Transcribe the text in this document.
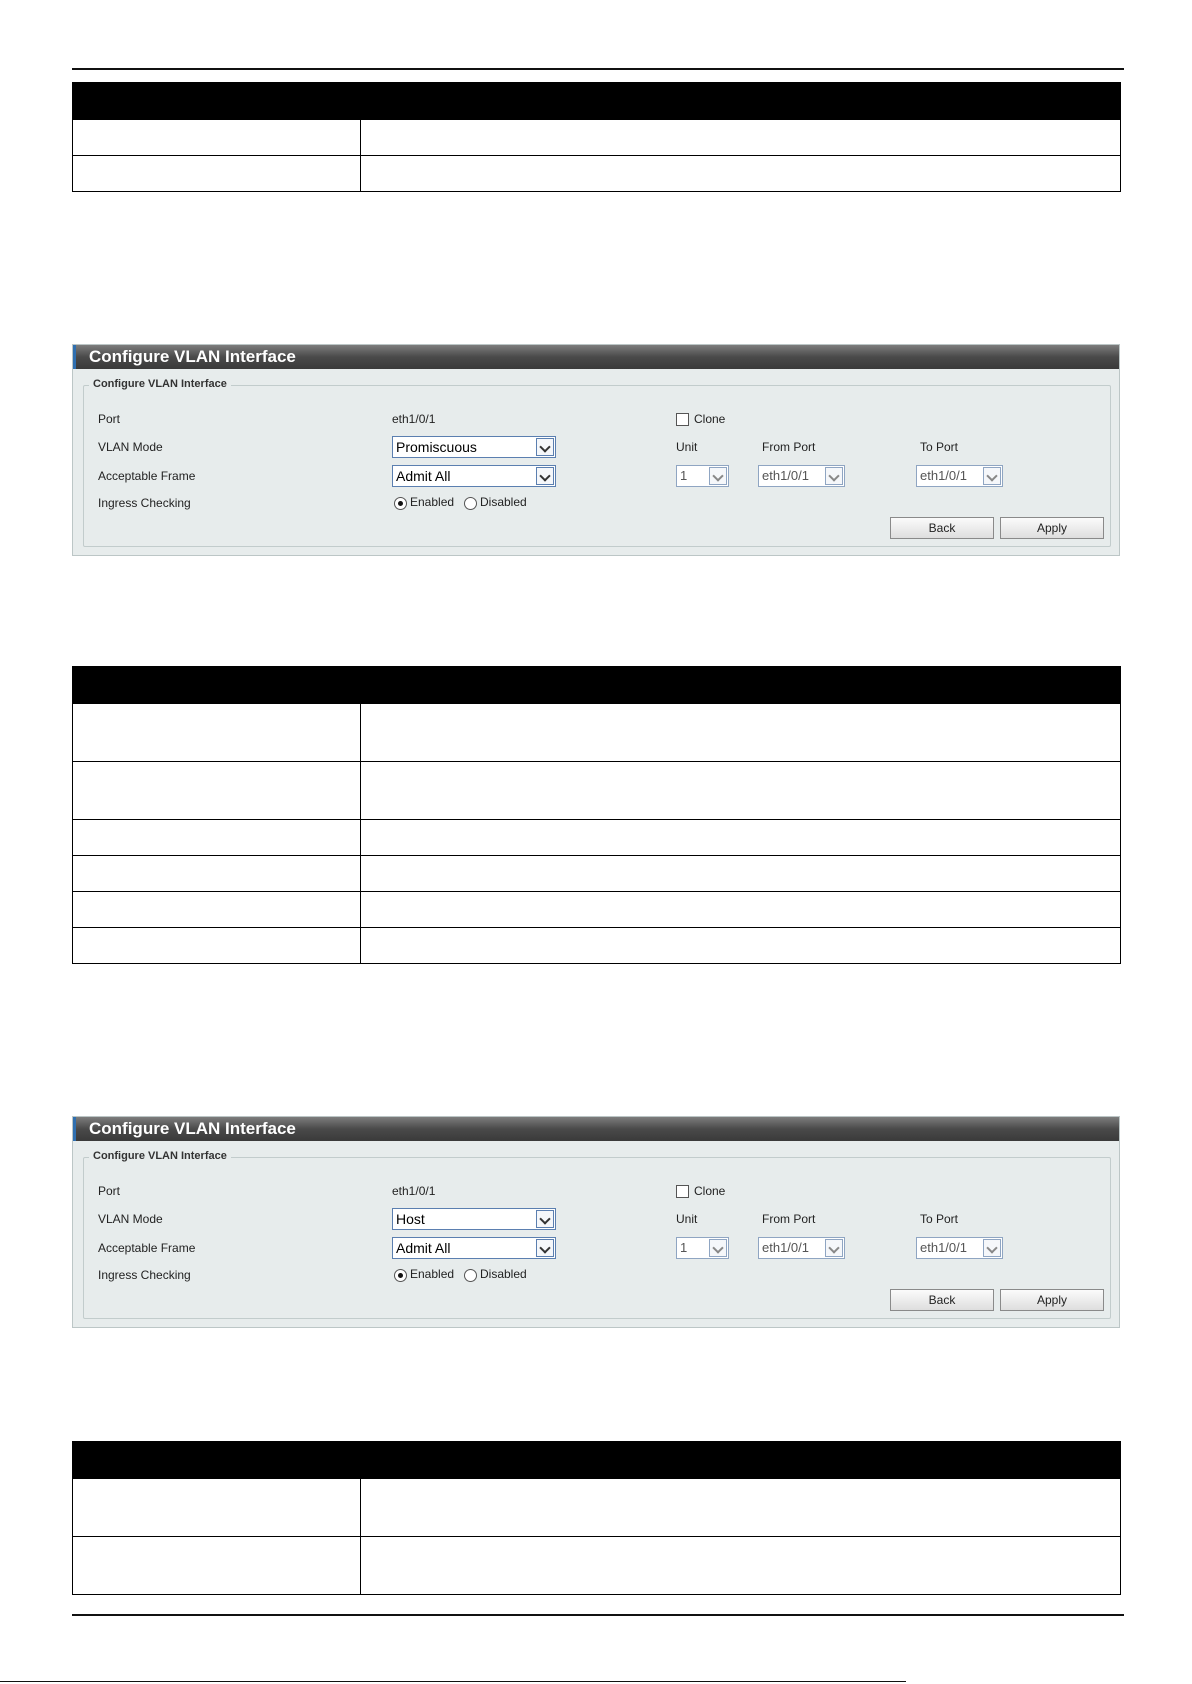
Configure VLAN Interface
Configure VLAN Interface
Port	eth1/0/1	Clone
VLAN Mode	Promiscuous	Unit	From Port	To Port
Acceptable Frame	Admit All	1	eth1/0/1	eth1/0/1
Ingress Checking	Enabled Disabled
Back	Apply

Configure VLAN Interface
Configure VLAN Interface
Port	eth1/0/1	Clone
VLAN Mode	Host	Unit	From Port	To Port
Acceptable Frame	Admit All	1	eth1/0/1	eth1/0/1
Ingress Checking	Enabled Disabled
Back	Apply
